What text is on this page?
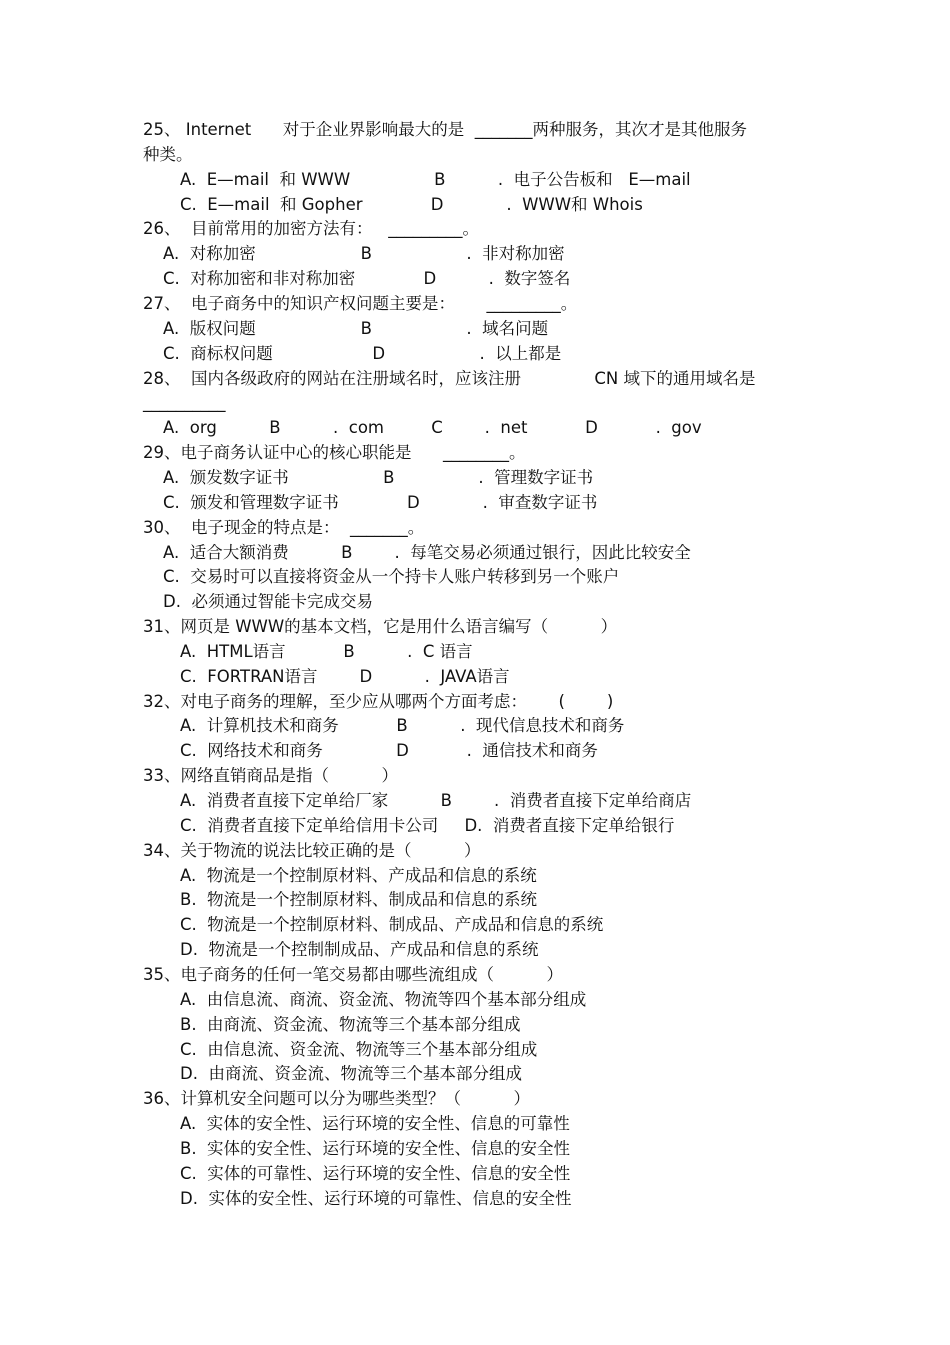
25、 Internet      对于企业界影响最大的是  _______两种服务，其次才是其他服务
种类。
A.  E—mail  和 WWW                B          .  电子公告板和   E—mail
C.  E—mail  和 Gopher             D            .  WWW和 Whois
26、  目前常用的加密方法有：   _________。
A.  对称加密                    B                  .  非对称加密
C.  对称加密和非对称加密             D          .  数字签名
27、  电子商务中的知识产权问题主要是：      _________。
A.  版权问题                    B                  .  域名问题
C.  商标权问题                   D                  .  以上都是
28、  国内各级政府的网站在注册域名时，应该注册              CN 域下的通用域名是
__________
A.  org          B          .  com         C        .  net           D           .  gov
29、电子商务认证中心的核心职能是      ________。
A.  颁发数字证书                  B                .  管理数字证书
C.  颁发和管理数字证书             D            .  审查数字证书
30、  电子现金的特点是：  _______。
A.  适合大额消费          B        .  每笔交易必须通过银行，因此比较安全
C.  交易时可以直接将资金从一个持卡人账户转移到另一个账户
D.  必须通过智能卡完成交易
31、网页是 WWW的基本文档，它是用什么语言编写（          ）
A.  HTML语言           B          .  C 语言
C.  FORTRAN语言        D          .  JAVA语言
32、对电子商务的理解，至少应从哪两个方面考虑：      (        )
A.  计算机技术和商务           B          .  现代信息技术和商务
C.  网络技术和商务              D           .  通信技术和商务
33、网络直销商品是指（          ）
A.  消费者直接下定单给厂家          B        .  消费者直接下定单给商店
C.  消费者直接下定单给信用卡公司     D.  消费者直接下定单给银行
34、关于物流的说法比较正确的是（          ）
A.  物流是一个控制原材料、产成品和信息的系统
B.  物流是一个控制原材料、制成品和信息的系统
C.  物流是一个控制原材料、制成品、产成品和信息的系统
D.  物流是一个控制制成品、产成品和信息的系统
35、电子商务的任何一笔交易都由哪些流组成（          ）
A.  由信息流、商流、资金流、物流等四个基本部分组成
B.  由商流、资金流、物流等三个基本部分组成
C.  由信息流、资金流、物流等三个基本部分组成
D.  由商流、资金流、物流等三个基本部分组成
36、计算机安全问题可以分为哪些类型？（          ）
A.  实体的安全性、运行环境的安全性、信息的可靠性
B.  实体的安全性、运行环境的安全性、信息的安全性
C.  实体的可靠性、运行环境的安全性、信息的安全性
D.  实体的安全性、运行环境的可靠性、信息的安全性
